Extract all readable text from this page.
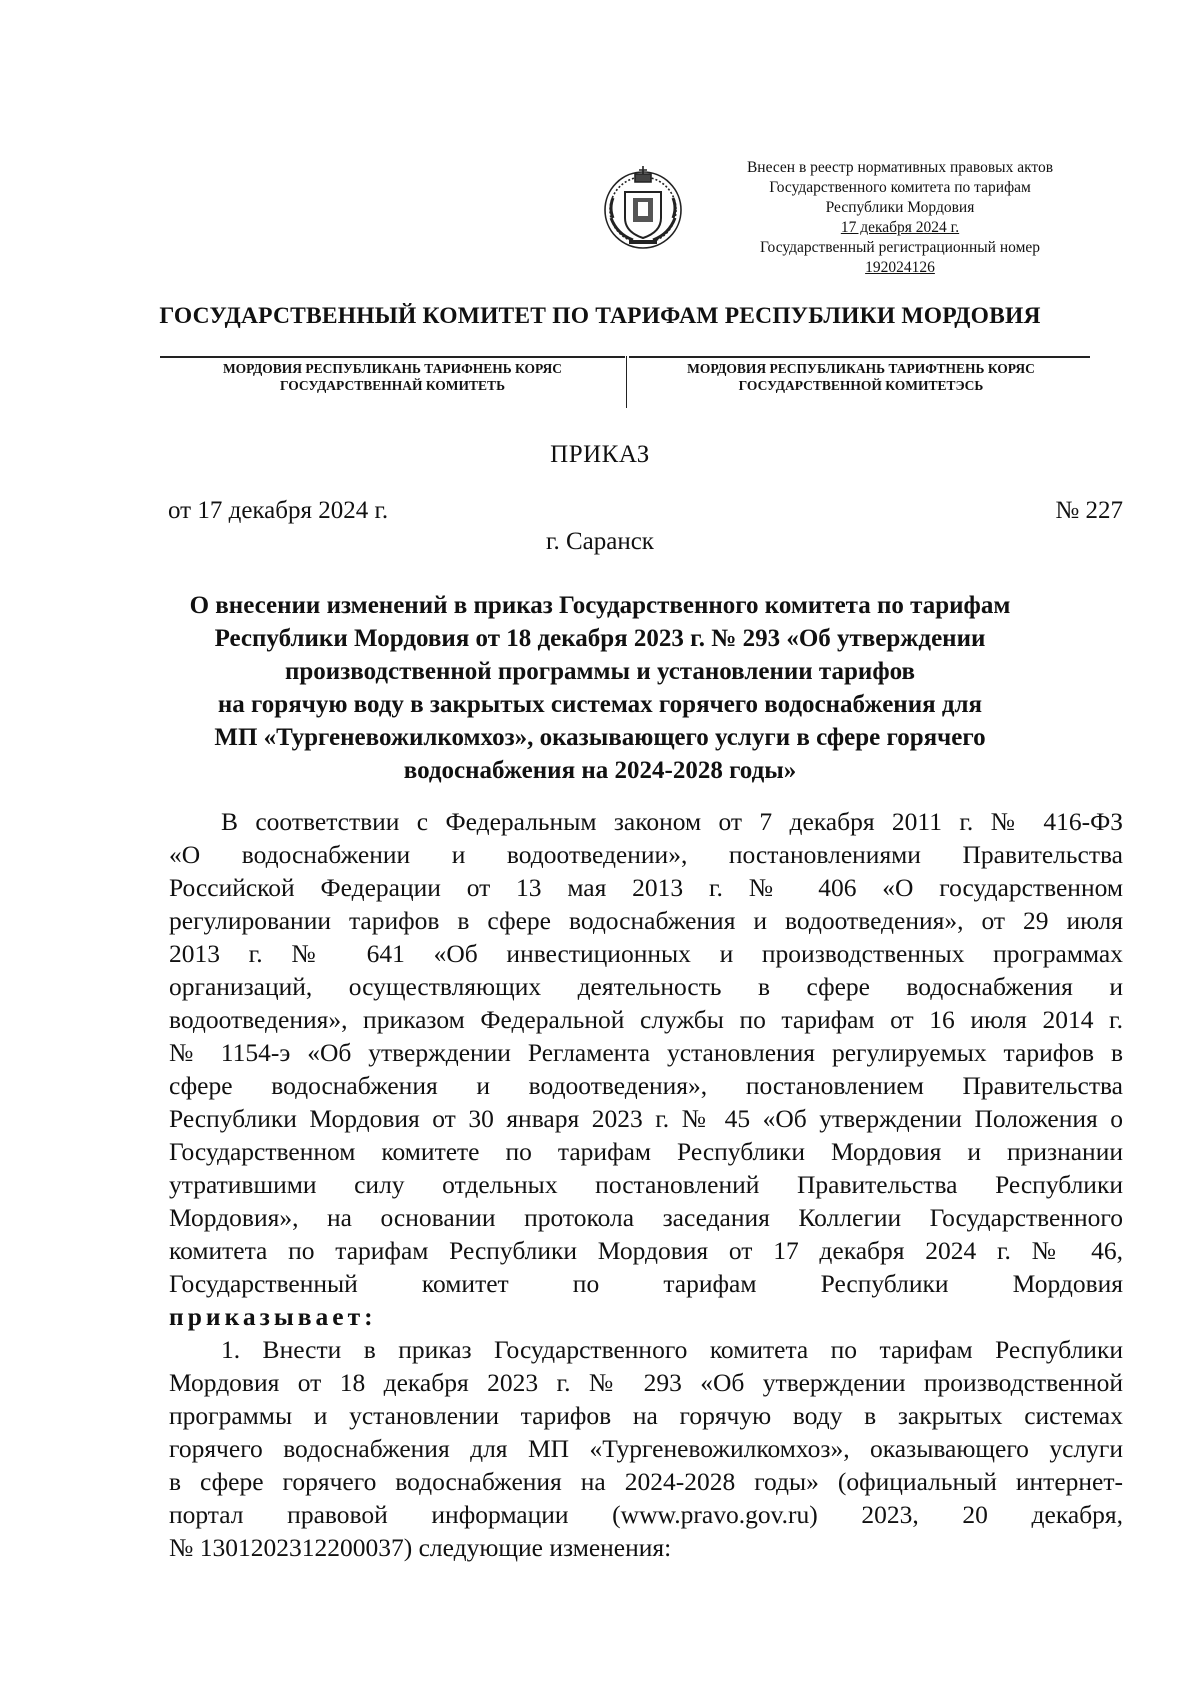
Внесен в реестр нормативных правовых актов
Государственного комитета по тарифам
Республики Мордовия
17 декабря 2024 г.
Государственный регистрационный номер
192024126
ГОСУДАРСТВЕННЫЙ КОМИТЕТ ПО ТАРИФАМ РЕСПУБЛИКИ МОРДОВИЯ
МОРДОВИЯ РЕСПУБЛИКАНЬ ТАРИФНЕНЬ КОРЯС
ГОСУДАРСТВЕННАЙ КОМИТЕТЬ
МОРДОВИЯ РЕСПУБЛИКАНЬ ТАРИФТНЕНЬ КОРЯС
ГОСУДАРСТВЕННОЙ КОМИТЕТЭСЬ
ПРИКАЗ
от 17 декабря 2024 г.	№ 227
г. Саранск
О внесении изменений в приказ Государственного комитета по тарифам
Республики Мордовия от 18 декабря 2023 г. № 293 «Об утверждении
производственной программы и установлении тарифов
на горячую воду в закрытых системах горячего водоснабжения для
МП «Тургеневожилкомхоз», оказывающего услуги в сфере горячего
водоснабжения на 2024-2028 годы»
В соответствии с Федеральным законом от 7 декабря 2011 г. № 416-ФЗ
«О водоснабжении и водоотведении», постановлениями Правительства
Российской Федерации от 13 мая 2013 г. № 406 «О государственном
регулировании тарифов в сфере водоснабжения и водоотведения», от 29 июля
2013 г. № 641 «Об инвестиционных и производственных программах
организаций, осуществляющих деятельность в сфере водоснабжения и
водоотведения», приказом Федеральной службы по тарифам от 16 июля 2014 г.
№ 1154-э «Об утверждении Регламента установления регулируемых тарифов в
сфере водоснабжения и водоотведения», постановлением Правительства
Республики Мордовия от 30 января 2023 г. № 45 «Об утверждении Положения о
Государственном комитете по тарифам Республики Мордовия и признании
утратившими силу отдельных постановлений Правительства Республики
Мордовия», на основании протокола заседания Коллегии Государственного
комитета по тарифам Республики Мордовия от 17 декабря 2024 г. № 46,
Государственный комитет по тарифам Республики Мордовия
приказывает:
1. Внести в приказ Государственного комитета по тарифам Республики
Мордовия от 18 декабря 2023 г. № 293 «Об утверждении производственной
программы и установлении тарифов на горячую воду в закрытых системах
горячего водоснабжения для МП «Тургеневожилкомхоз», оказывающего услуги
в сфере горячего водоснабжения на 2024-2028 годы» (официальный интернет-
портал правовой информации (www.pravo.gov.ru) 2023, 20 декабря,
№ 1301202312200037) следующие изменения:
